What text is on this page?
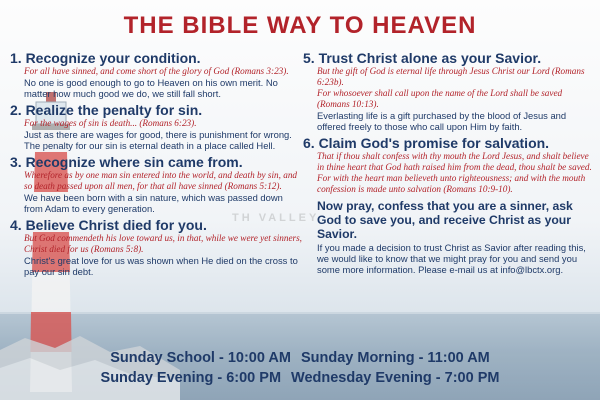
TH VALLEY
THE BIBLE WAY TO HEAVEN
1. Recognize your condition.
For all have sinned, and come short of the glory of God (Romans 3:23).
No one is good enough to go to Heaven on his own merit. No matter how much good we do, we still fall short.
2. Realize the penalty for sin.
For the wages of sin is death... (Romans 6:23).
Just as there are wages for good, there is punishment for wrong. The penalty for our sin is eternal death in a place called Hell.
3. Recognize where sin came from.
Wherefore as by one man sin entered into the world, and death by sin, and so death passed upon all men, for that all have sinned (Romans 5:12).
We have been born with a sin nature, which was passed down from Adam to every generation.
4. Believe Christ died for you.
But God commendeth his love toward us, in that, while we were yet sinners, Christ died for us (Romans 5:8).
Christ's great love for us was shown when He died on the cross to pay our sin debt.
5. Trust Christ alone as your Savior.
But the gift of God is eternal life through Jesus Christ our Lord (Romans 6:23b).
For whosoever shall call upon the name of the Lord shall be saved (Romans 10:13).
Everlasting life is a gift purchased by the blood of Jesus and offered freely to those who call upon Him by faith.
6. Claim God's promise for salvation.
That if thou shalt confess with thy mouth the Lord Jesus, and shalt believe in thine heart that God hath raised him from the dead, thou shalt be saved. For with the heart man believeth unto righteousness; and with the mouth confession is made unto salvation (Romans 10:9-10).
Now pray, confess that you are a sinner, ask God to save you, and receive Christ as your Savior.
If you made a decision to trust Christ as Savior after reading this, we would like to know that we might pray for you and send you some more information. Please e-mail us at info@lbctx.org.
Sunday School - 10:00 AM Sunday Morning - 11:00 AM
Sunday Evening - 6:00 PM Wednesday Evening - 7:00 PM
